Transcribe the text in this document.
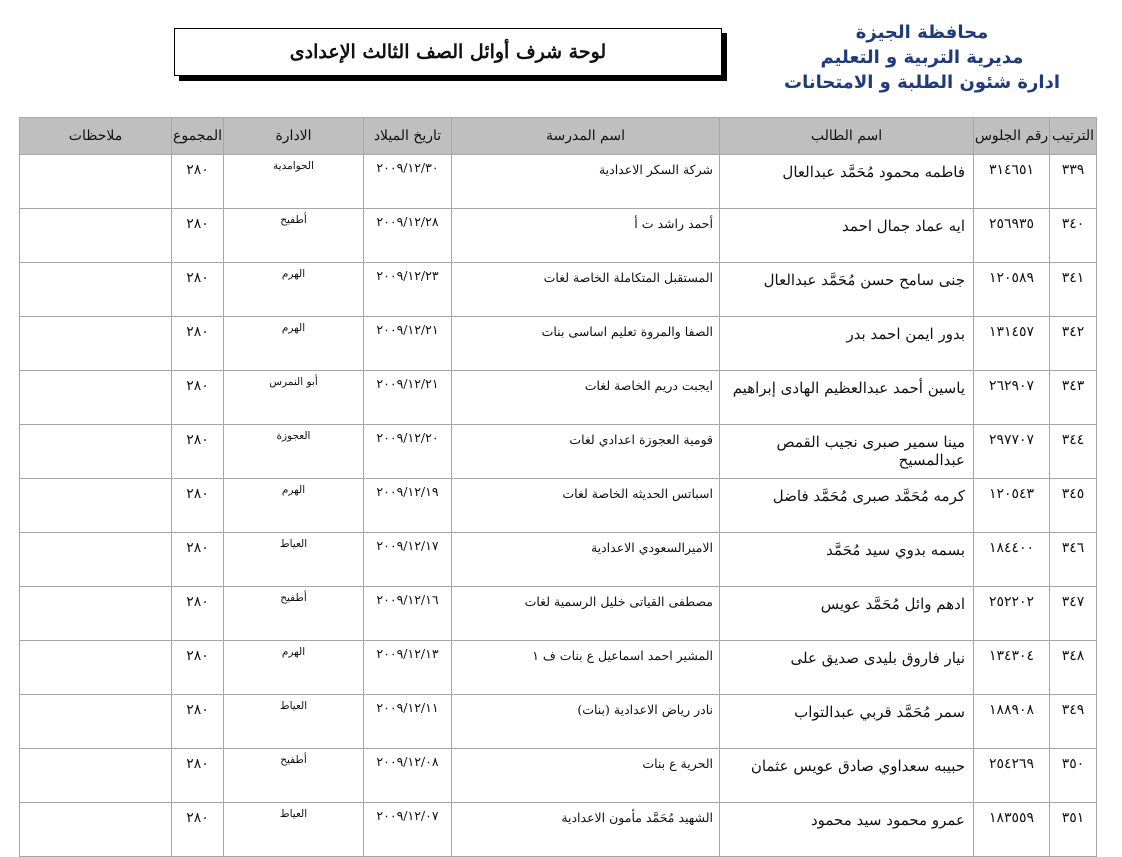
محافظة الجيزة
مديرية التربية و التعليم
ادارة شئون الطلبة و الامتحانات
لوحة شرف أوائل الصف الثالث الإعدادى
الترتيب	رقم الجلوس	اسم الطالب	اسم المدرسة	تاريخ الميلاد	الادارة	المجموع	ملاحظات
٣٣٩	٣١٤٦٥١	فاطمه محمود مُحَمَّد عبدالعال	شركة السكر الاعدادية	٢٠٠٩/١٢/٣٠	الحوامدية	٢٨٠	
٣٤٠	٢٥٦٩٣٥	ايه عماد جمال احمد	أحمد راشد ت أ	٢٠٠٩/١٢/٢٨	أطفيح	٢٨٠	
٣٤١	١٢٠٥٨٩	جنى سامح حسن مُحَمَّد عبدالعال	المستقبل المتكاملة الخاصة لغات	٢٠٠٩/١٢/٢٣	الهرم	٢٨٠	
٣٤٢	١٣١٤٥٧	بدور ايمن احمد بدر	الصفا والمروة تعليم اساسى بنات	٢٠٠٩/١٢/٢١	الهرم	٢٨٠	
٣٤٣	٢٦٢٩٠٧	ياسين أحمد عبدالعظيم الهادى إبراهيم	ايجبت دريم الخاصة لغات	٢٠٠٩/١٢/٢١	أبو النمرس	٢٨٠	
٣٤٤	٢٩٧٧٠٧	مينا سمير صبرى نجيب القمص عبدالمسيح	قومية العجوزة اعدادي لغات	٢٠٠٩/١٢/٢٠	العجوزة	٢٨٠	
٣٤٥	١٢٠٥٤٣	كرمه مُحَمَّد صبرى مُحَمَّد فاضل	اسباتس الحديثه الخاصة لغات	٢٠٠٩/١٢/١٩	الهرم	٢٨٠	
٣٤٦	١٨٤٤٠٠	بسمه بدوي سيد مُحَمَّد	الاميرالسعودي الاعدادية	٢٠٠٩/١٢/١٧	العياط	٢٨٠	
٣٤٧	٢٥٢٢٠٢	ادهم وائل مُحَمَّد عويس	مصطفى القياتى خليل الرسمية لغات	٢٠٠٩/١٢/١٦	أطفيح	٢٨٠	
٣٤٨	١٣٤٣٠٤	نيار فاروق بليدى صديق على	المشير احمد اسماعيل ع بنات ف ١	٢٠٠٩/١٢/١٣	الهرم	٢٨٠	
٣٤٩	١٨٨٩٠٨	سمر مُحَمَّد قربي عبدالتواب	نادر رياض الاعدادية (بنات)	٢٠٠٩/١٢/١١	العياط	٢٨٠	
٣٥٠	٢٥٤٢٦٩	حبيبه سعداوي صادق عويس عثمان	الحرية ع بنات	٢٠٠٩/١٢/٠٨	أطفيح	٢٨٠	
٣٥١	١٨٣٥٥٩	عمرو محمود سيد محمود	الشهيد مُحَمَّد مأمون الاعدادية	٢٠٠٩/١٢/٠٧	العياط	٢٨٠	
